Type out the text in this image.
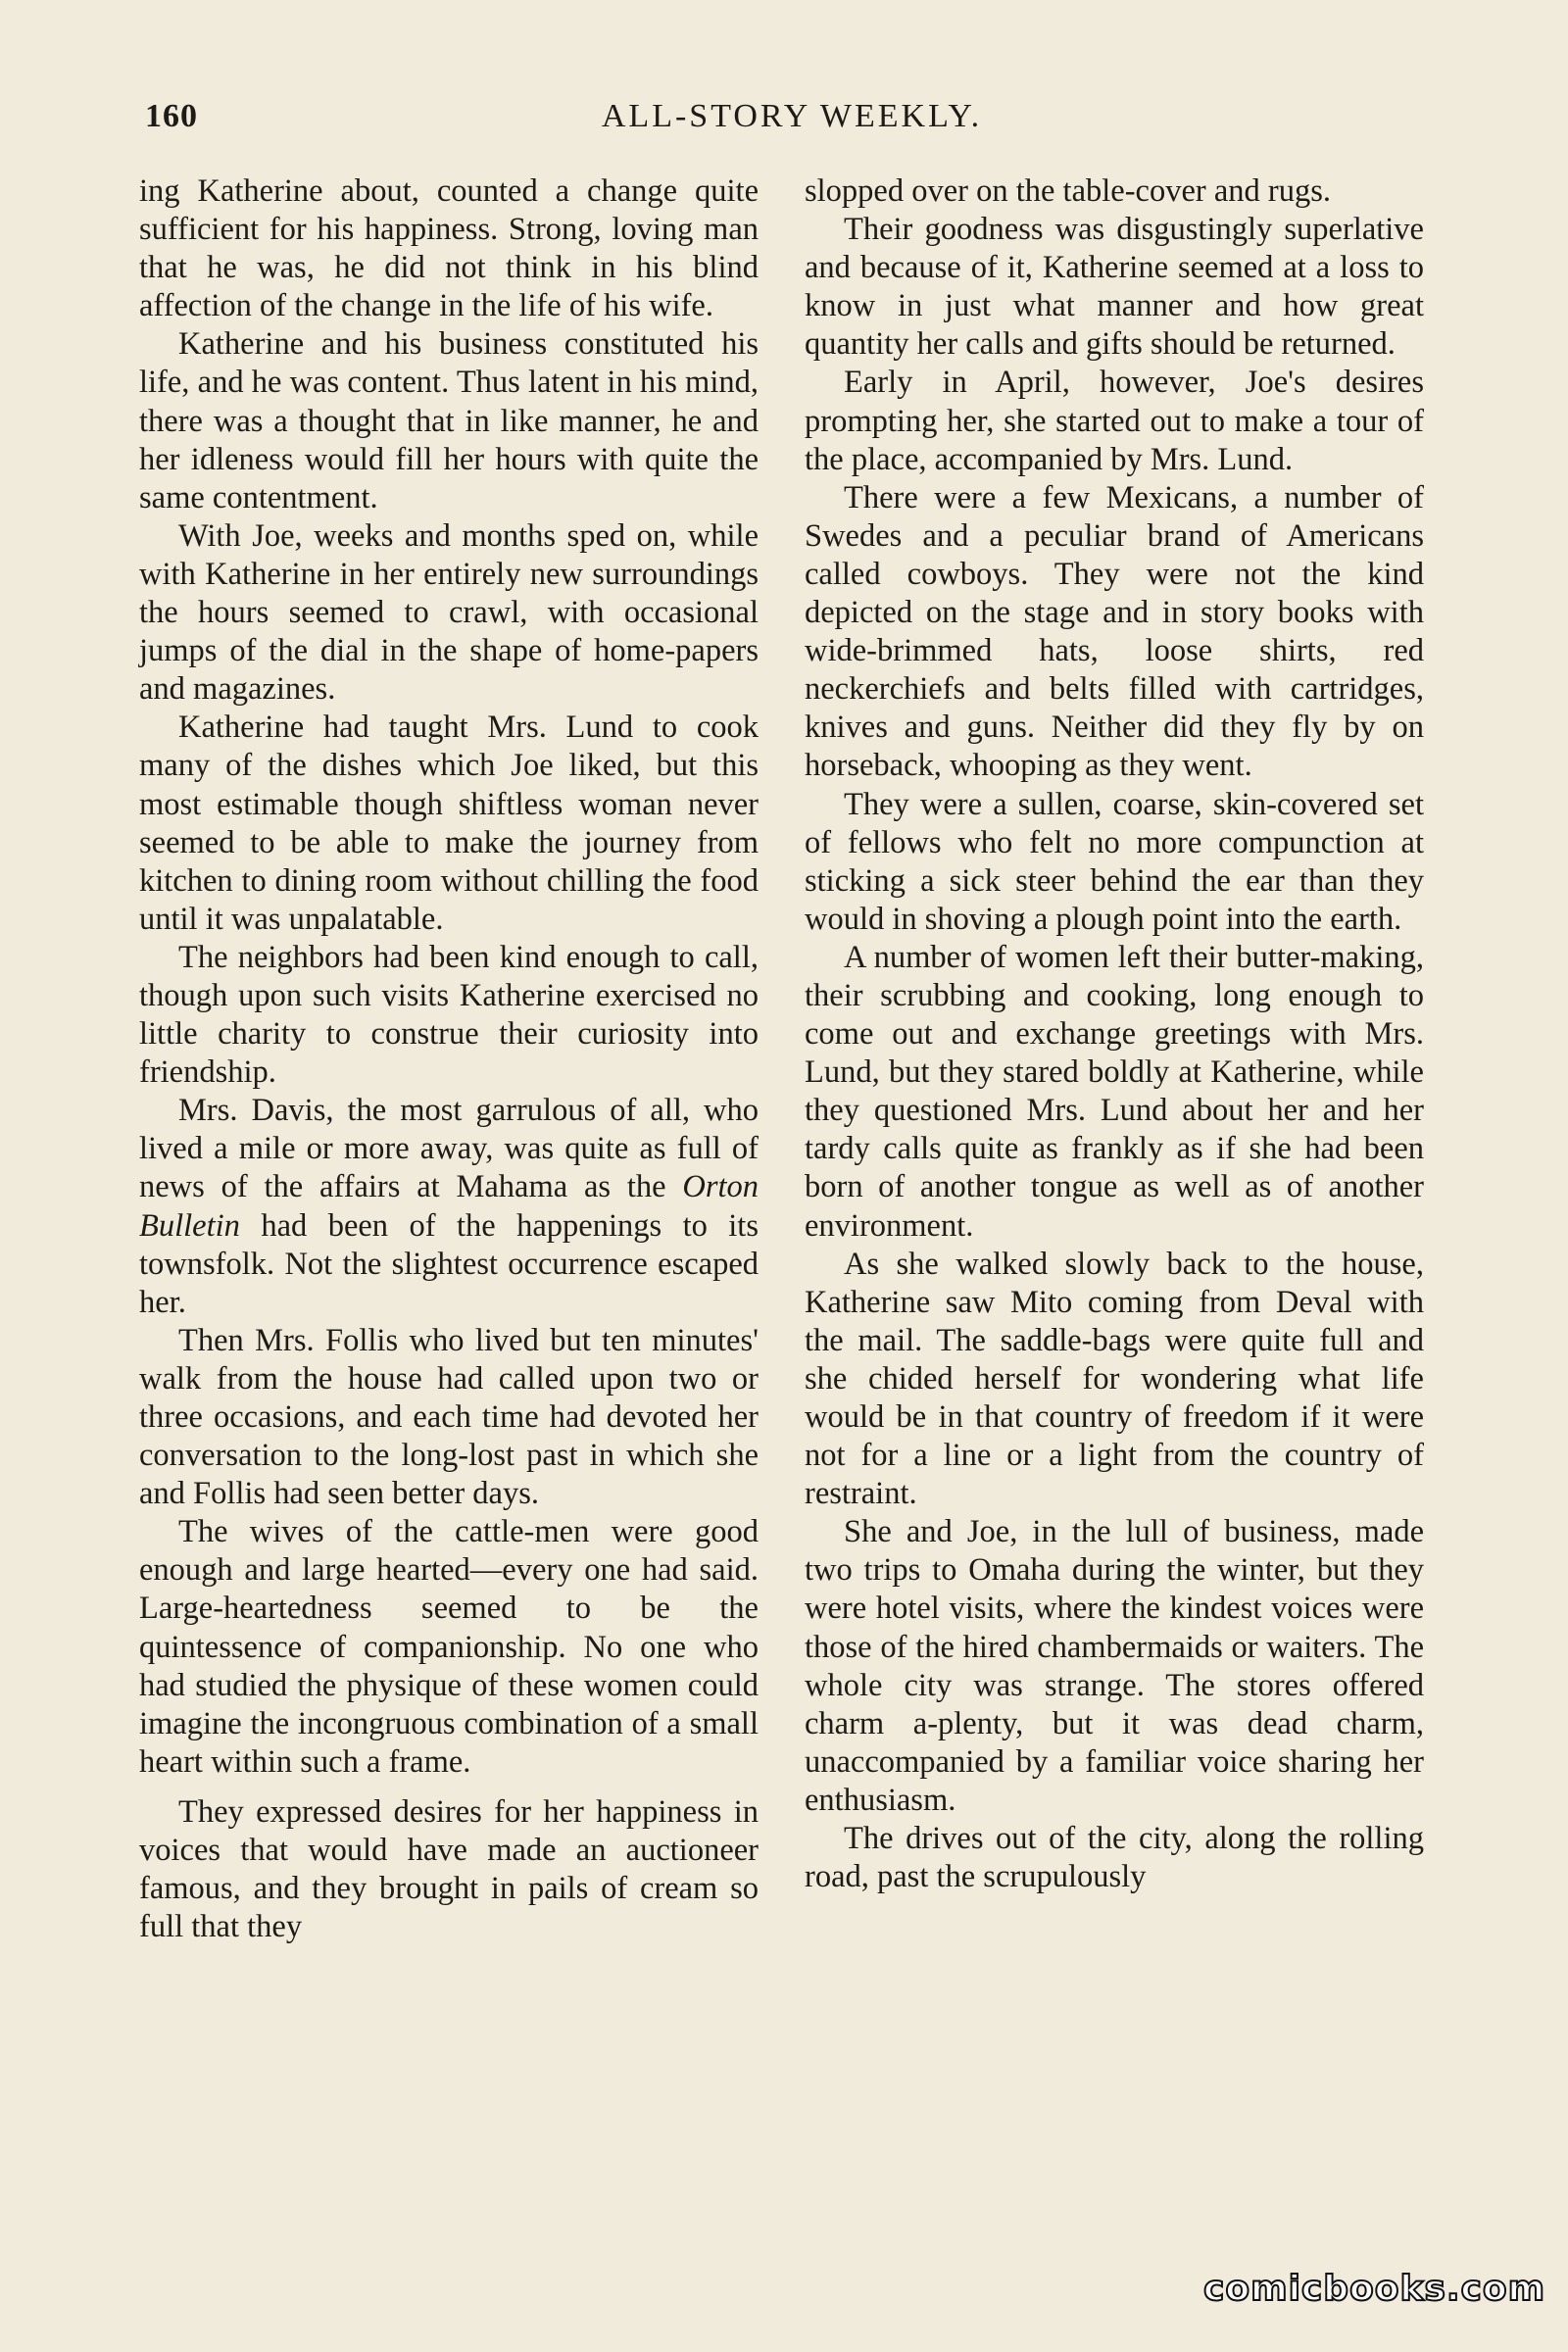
160	ALL-STORY WEEKLY.

ing Katherine about, counted a change quite sufficient for his happiness. Strong, loving man that he was, he did not think in his blind affection of the change in the life of his wife.

Katherine and his business constituted his life, and he was content. Thus latent in his mind, there was a thought that in like manner, he and her idleness would fill her hours with quite the same contentment.

With Joe, weeks and months sped on, while with Katherine in her entirely new surroundings the hours seemed to crawl, with occasional jumps of the dial in the shape of home-papers and magazines.

Katherine had taught Mrs. Lund to cook many of the dishes which Joe liked, but this most estimable though shiftless woman never seemed to be able to make the journey from kitchen to dining room without chilling the food until it was unpalatable.

The neighbors had been kind enough to call, though upon such visits Katherine exercised no little charity to construe their curiosity into friendship.

Mrs. Davis, the most garrulous of all, who lived a mile or more away, was quite as full of news of the affairs at Mahama as the Orton Bulletin had been of the happenings to its townsfolk. Not the slightest occurrence escaped her.

Then Mrs. Follis who lived but ten minutes' walk from the house had called upon two or three occasions, and each time had devoted her conversation to the long-lost past in which she and Follis had seen better days.

The wives of the cattle-men were good enough and large hearted—every one had said. Large-heartedness seemed to be the quintessence of companionship. No one who had studied the physique of these women could imagine the incongruous combination of a small heart within such a frame.

They expressed desires for her happiness in voices that would have made an auctioneer famous, and they brought in pails of cream so full that they

slopped over on the table-cover and rugs.

Their goodness was disgustingly superlative and because of it, Katherine seemed at a loss to know in just what manner and how great quantity her calls and gifts should be returned.

Early in April, however, Joe's desires prompting her, she started out to make a tour of the place, accompanied by Mrs. Lund.

There were a few Mexicans, a number of Swedes and a peculiar brand of Americans called cowboys. They were not the kind depicted on the stage and in story books with wide-brimmed hats, loose shirts, red neckerchiefs and belts filled with cartridges, knives and guns. Neither did they fly by on horseback, whooping as they went.

They were a sullen, coarse, skin-covered set of fellows who felt no more compunction at sticking a sick steer behind the ear than they would in shoving a plough point into the earth.

A number of women left their butter-making, their scrubbing and cooking, long enough to come out and exchange greetings with Mrs. Lund, but they stared boldly at Katherine, while they questioned Mrs. Lund about her and her tardy calls quite as frankly as if she had been born of another tongue as well as of another environment.

As she walked slowly back to the house, Katherine saw Mito coming from Deval with the mail. The saddle-bags were quite full and she chided herself for wondering what life would be in that country of freedom if it were not for a line or a light from the country of restraint.

She and Joe, in the lull of business, made two trips to Omaha during the winter, but they were hotel visits, where the kindest voices were those of the hired chambermaids or waiters. The whole city was strange. The stores offered charm a-plenty, but it was dead charm, unaccompanied by a familiar voice sharing her enthusiasm.

The drives out of the city, along the rolling road, past the scrupulously

comicbooks.com
